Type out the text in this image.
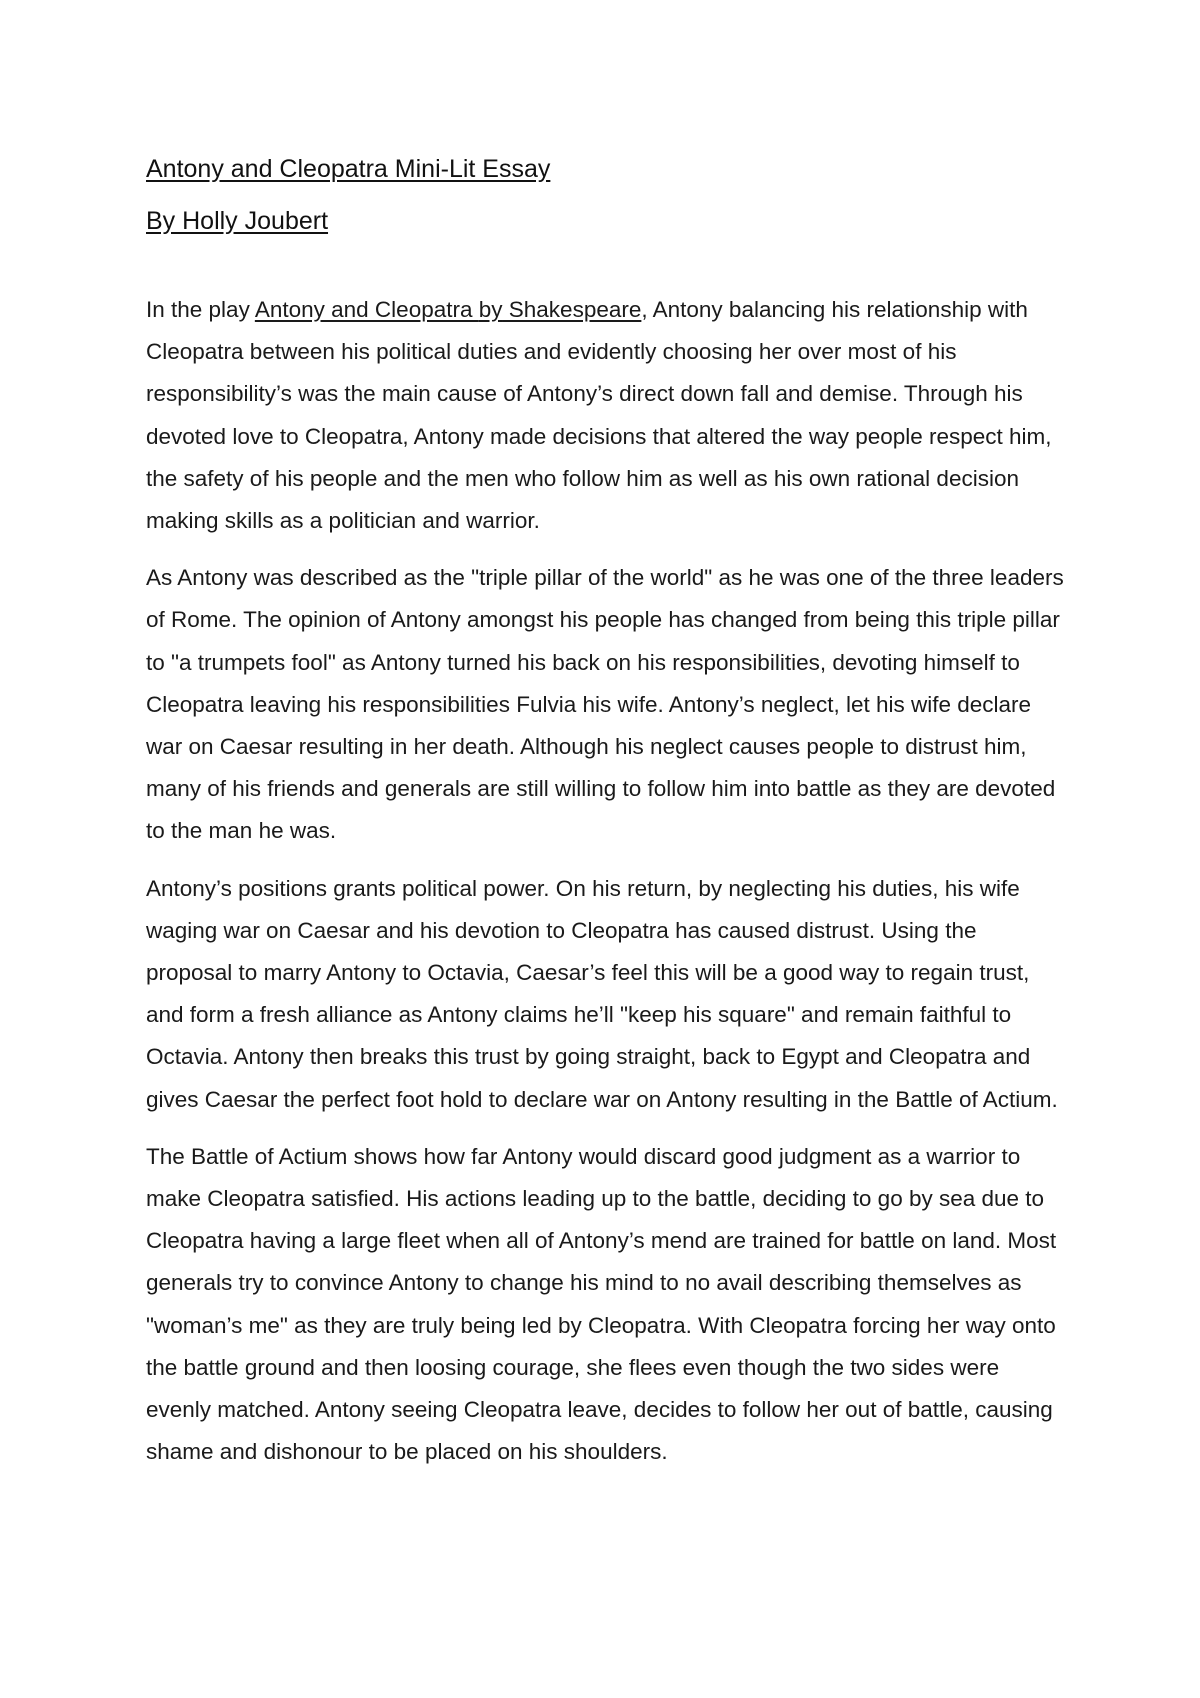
Antony and Cleopatra Mini-Lit Essay
By Holly Joubert

In the play Antony and Cleopatra by Shakespeare, Antony balancing his relationship with Cleopatra between his political duties and evidently choosing her over most of his responsibility’s was the main cause of Antony’s direct down fall and demise. Through his devoted love to Cleopatra, Antony made decisions that altered the way people respect him, the safety of his people and the men who follow him as well as his own rational decision making skills as a politician and warrior.

As Antony was described as the "triple pillar of the world" as he was one of the three leaders of Rome. The opinion of Antony amongst his people has changed from being this triple pillar to "a trumpets fool" as Antony turned his back on his responsibilities, devoting himself to Cleopatra leaving his responsibilities Fulvia his wife. Antony’s neglect, let his wife declare war on Caesar resulting in her death. Although his neglect causes people to distrust him, many of his friends and generals are still willing to follow him into battle as they are devoted to the man he was.

Antony’s positions grants political power. On his return, by neglecting his duties, his wife waging war on Caesar and his devotion to Cleopatra has caused distrust. Using the proposal to marry Antony to Octavia, Caesar’s feel this will be a good way to regain trust, and form a fresh alliance as Antony claims he’ll "keep his square" and remain faithful to Octavia. Antony then breaks this trust by going straight, back to Egypt and Cleopatra and gives Caesar the perfect foot hold to declare war on Antony resulting in the Battle of Actium.

The Battle of Actium shows how far Antony would discard good judgment as a warrior to make Cleopatra satisfied. His actions leading up to the battle, deciding to go by sea due to Cleopatra having a large fleet when all of Antony’s mend are trained for battle on land. Most generals try to convince Antony to change his mind to no avail describing themselves as "woman’s me" as they are truly being led by Cleopatra. With Cleopatra forcing her way onto the battle ground and then loosing courage, she flees even though the two sides were evenly matched. Antony seeing Cleopatra leave, decides to follow her out of battle, causing shame and dishonour to be placed on his shoulders.
